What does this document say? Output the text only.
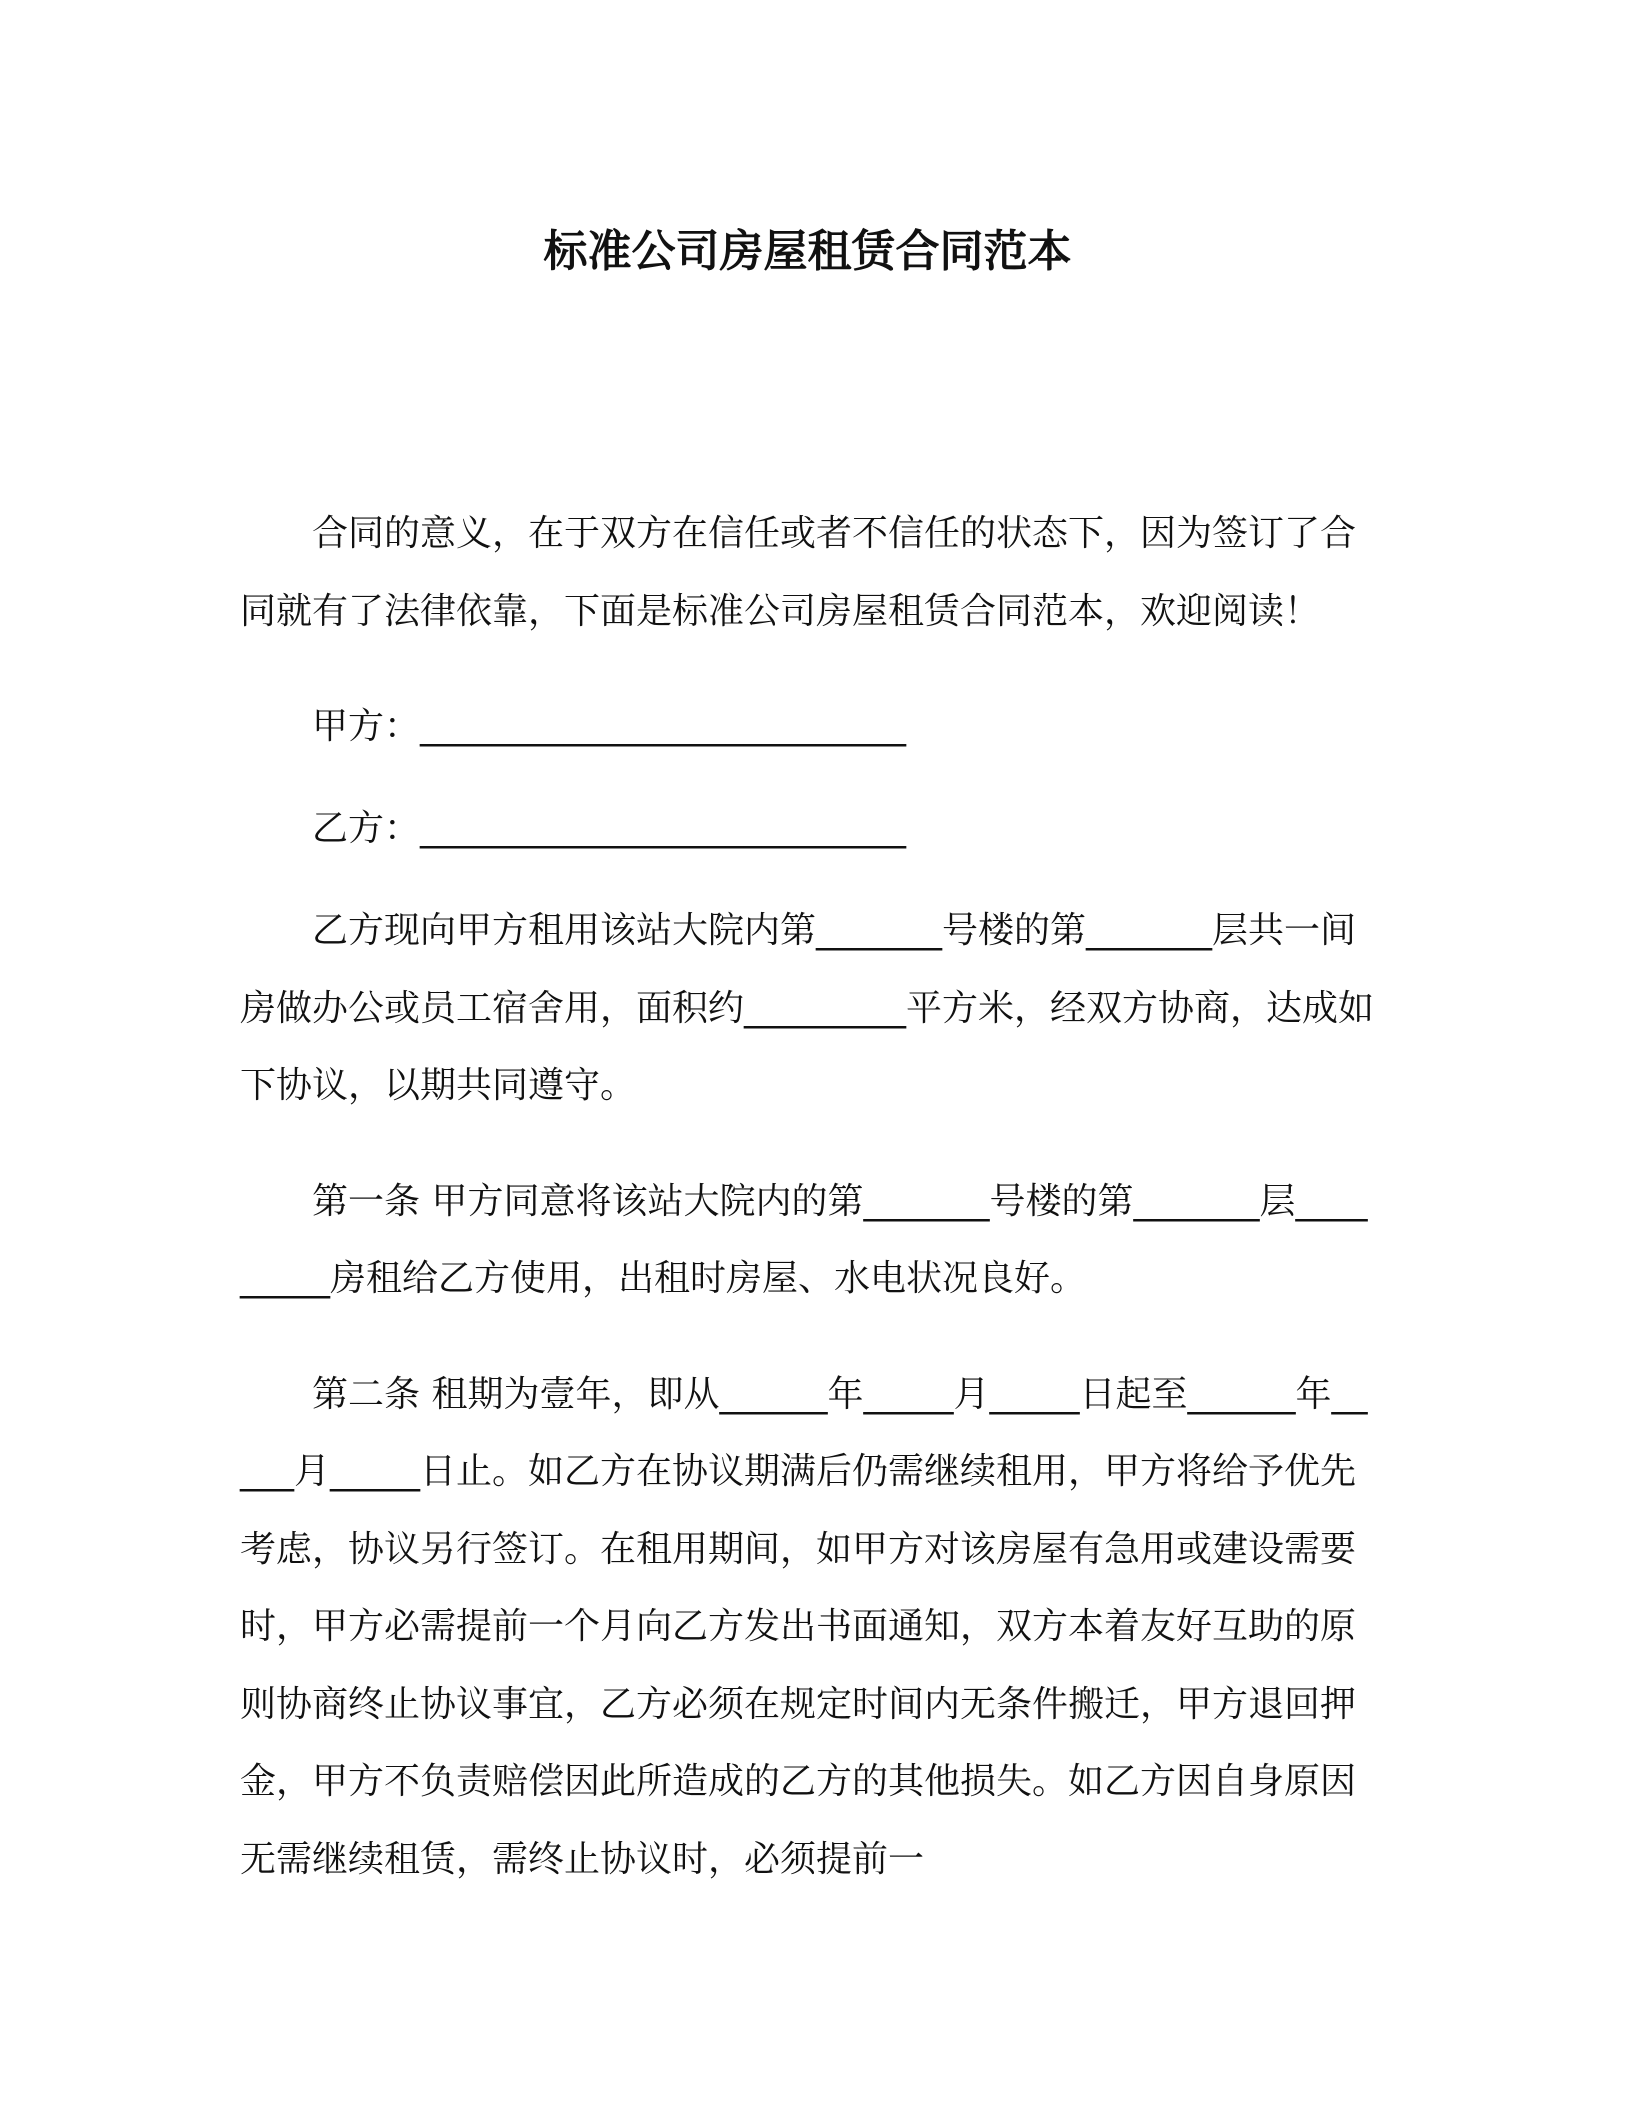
标准公司房屋租赁合同范本

合同的意义，在于双方在信任或者不信任的状态下，因为签订了合同就有了法律依靠，下面是标准公司房屋租赁合同范本，欢迎阅读！

甲方：___________________________

乙方：___________________________

乙方现向甲方租用该站大院内第_______号楼的第_______层共一间房做办公或员工宿舍用，面积约_________平方米，经双方协商，达成如下协议，以期共同遵守。

第一条 甲方同意将该站大院内的第_______号楼的第_______层_________房租给乙方使用，出租时房屋、水电状况良好。

第二条 租期为壹年，即从______年_____月_____日起至______年_____月_____日止。如乙方在协议期满后仍需继续租用，甲方将给予优先考虑，协议另行签订。在租用期间，如甲方对该房屋有急用或建设需要时，甲方必需提前一个月向乙方发出书面通知，双方本着友好互助的原则协商终止协议事宜，乙方必须在规定时间内无条件搬迁，甲方退回押金，甲方不负责赔偿因此所造成的乙方的其他损失。如乙方因自身原因无需继续租赁，需终止协议时，必须提前一
